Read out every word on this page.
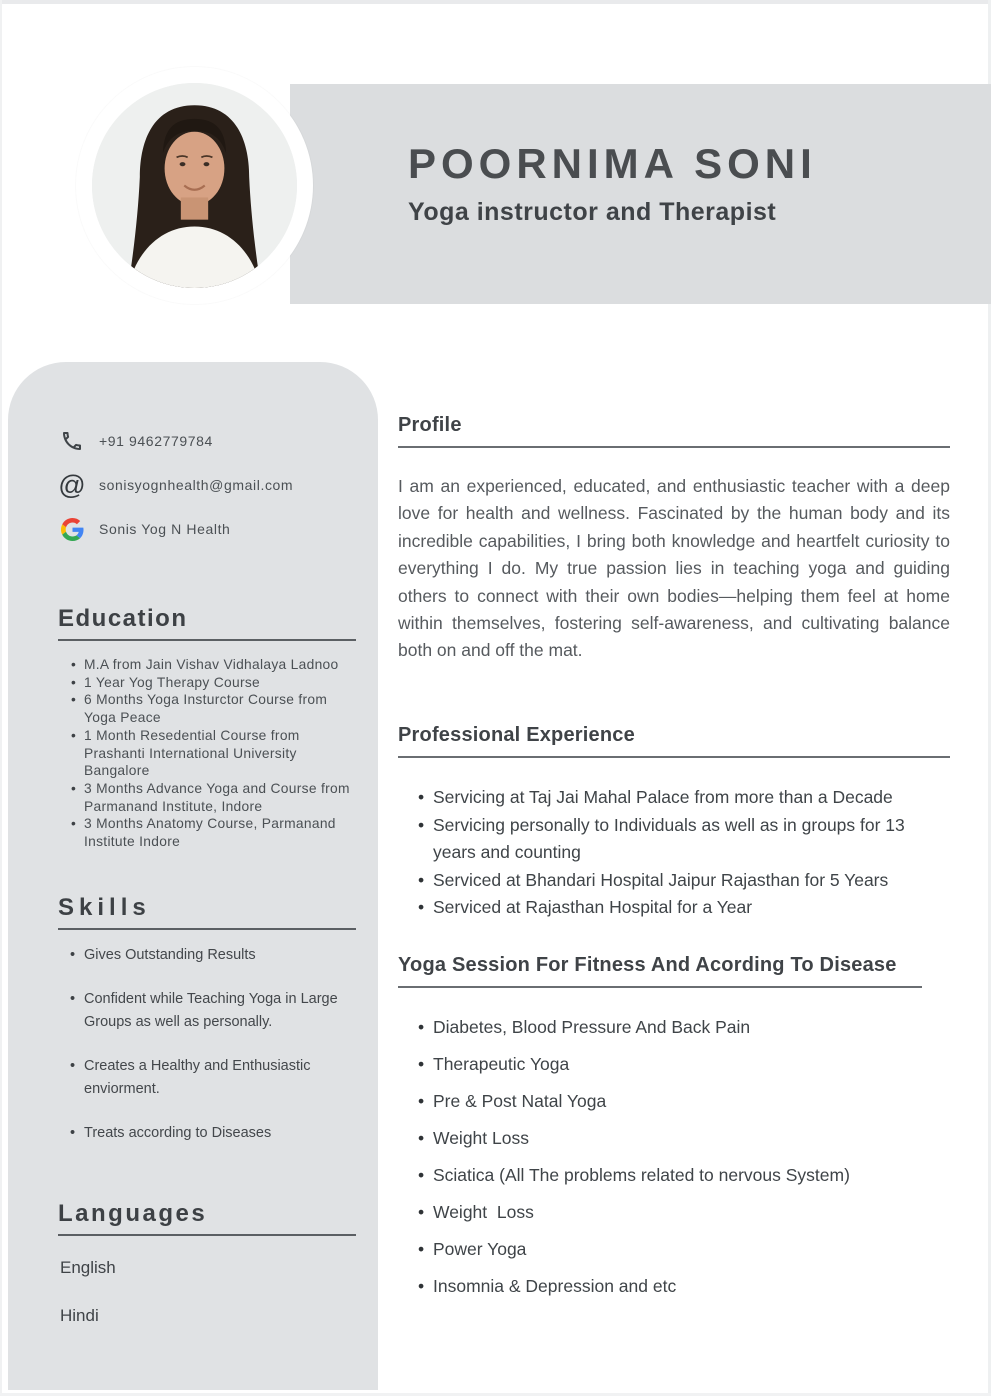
POORNIMA SONI
Yoga instructor and Therapist
+91 9462779784
@ sonisyognhealth@gmail.com
Sonis Yog N Health
Education
• M.A from Jain Vishav Vidhalaya Ladnoo
• 1 Year Yog Therapy Course
• 6 Months Yoga Insturctor Course from Yoga Peace
• 1 Month Resedential Course from Prashanti International University Bangalore
• 3 Months Advance Yoga and Course from Parmanand Institute, Indore
• 3 Months Anatomy Course, Parmanand Institute Indore
Skills
• Gives Outstanding Results
• Confident while Teaching Yoga in Large Groups as well as personally.
• Creates a Healthy and Enthusiastic enviorment.
• Treats according to Diseases
Languages

English

Hindi

Profile

I am an experienced, educated, and enthusiastic teacher with a deep love for health and wellness. Fascinated by the human body and its incredible capabilities, I bring both knowledge and heartfelt curiosity to everything I do. My true passion lies in teaching yoga and guiding others to connect with their own bodies—helping them feel at home within themselves, fostering self-awareness, and cultivating balance both on and off the mat.

Professional Experience
• Servicing at Taj Jai Mahal Palace from more than a Decade
• Servicing personally to Individuals as well as in groups for 13 years and counting
• Serviced at Bhandari Hospital Jaipur Rajasthan for 5 Years
• Serviced at Rajasthan Hospital for a Year
Yoga Session For Fitness And Acording To Disease
• Diabetes, Blood Pressure And Back Pain
• Therapeutic Yoga
• Pre & Post Natal Yoga
• Weight Loss
• Sciatica (All The problems related to nervous System)
• Weight  Loss
• Power Yoga
• Insomnia & Depression and etc
